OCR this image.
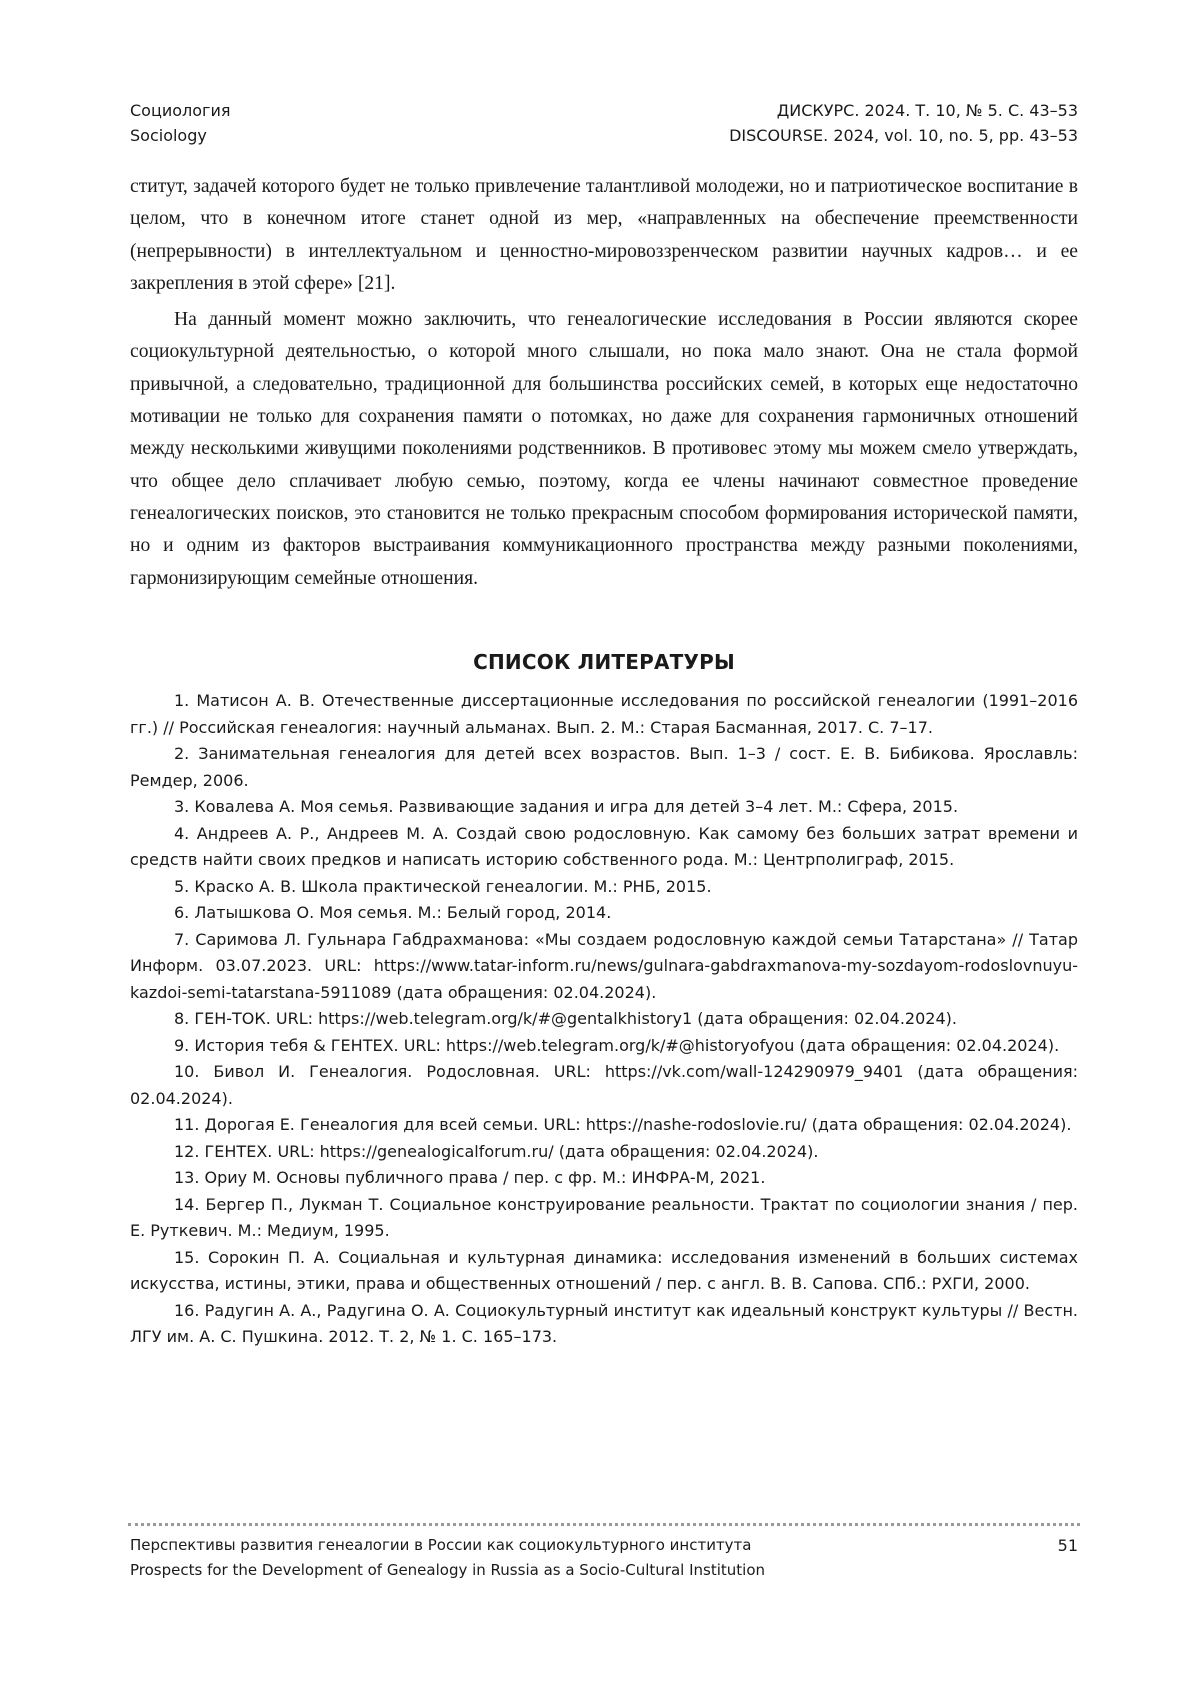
Социология
Sociology
ДИСКУРС. 2024. Т. 10, № 5. С. 43–53
DISCOURSE. 2024, vol. 10, no. 5, pp. 43–53

ститут, задачей которого будет не только привлечение талантливой молодежи, но и патриотическое воспитание в целом, что в конечном итоге станет одной из мер, «направленных на обеспечение преемственности (непрерывности) в интеллектуальном и ценностно-мировоззренческом развитии научных кадров… и ее закрепления в этой сфере» [21].

На данный момент можно заключить, что генеалогические исследования в России являются скорее социокультурной деятельностью, о которой много слышали, но пока мало знают. Она не стала формой привычной, а следовательно, традиционной для большинства российских семей, в которых еще недостаточно мотивации не только для сохранения памяти о потомках, но даже для сохранения гармоничных отношений между несколькими живущими поколениями родственников. В противовес этому мы можем смело утверждать, что общее дело сплачивает любую семью, поэтому, когда ее члены начинают совместное проведение генеалогических поисков, это становится не только прекрасным способом формирования исторической памяти, но и одним из факторов выстраивания коммуникационного пространства между разными поколениями, гармонизирующим семейные отношения.

СПИСОК ЛИТЕРАТУРЫ
1. Матисон А. В. Отечественные диссертационные исследования по российской генеалогии (1991–2016 гг.) // Российская генеалогия: научный альманах. Вып. 2. М.: Старая Басманная, 2017. С. 7–17.
2. Занимательная генеалогия для детей всех возрастов. Вып. 1–3 / сост. Е. В. Бибикова. Ярославль: Ремдер, 2006.
3. Ковалева А. Моя семья. Развивающие задания и игра для детей 3–4 лет. М.: Сфера, 2015.
4. Андреев А. Р., Андреев М. А. Создай свою родословную. Как самому без больших затрат времени и средств найти своих предков и написать историю собственного рода. М.: Центрполиграф, 2015.
5. Краско А. В. Школа практической генеалогии. М.: РНБ, 2015.
6. Латышкова О. Моя семья. М.: Белый город, 2014.
7. Саримова Л. Гульнара Габдрахманова: «Мы создаем родословную каждой семьи Татарстана» // Татар Информ. 03.07.2023. URL: https://www.tatar-inform.ru/news/gulnara-gabdraxmanova-my-sozdayom-rodoslovnuyu-kazdoi-semi-tatarstana-5911089 (дата обращения: 02.04.2024).
8. ГЕН-ТОК. URL: https://web.telegram.org/k/#@gentalkhistory1 (дата обращения: 02.04.2024).
9. История тебя & ГЕНТЕХ. URL: https://web.telegram.org/k/#@historyofyou (дата обращения: 02.04.2024).
10. Бивол И. Генеалогия. Родословная. URL: https://vk.com/wall-124290979_9401 (дата обращения: 02.04.2024).
11. Дорогая Е. Генеалогия для всей семьи. URL: https://nashe-rodoslovie.ru/ (дата обращения: 02.04.2024).
12. ГЕНТЕХ. URL: https://genealogicalforum.ru/ (дата обращения: 02.04.2024).
13. Ориу М. Основы публичного права / пер. с фр. М.: ИНФРА-М, 2021.
14. Бергер П., Лукман Т. Социальное конструирование реальности. Трактат по социологии знания / пер. Е. Руткевич. М.: Медиум, 1995.
15. Сорокин П. А. Социальная и культурная динамика: исследования изменений в больших системах искусства, истины, этики, права и общественных отношений / пер. с англ. В. В. Сапова. СПб.: РХГИ, 2000.
16. Радугин А. А., Радугина О. А. Социокультурный институт как идеальный конструкт культуры // Вестн. ЛГУ им. А. С. Пушкина. 2012. Т. 2, № 1. С. 165–173.
Перспективы развития генеалогии в России как социокультурного института
Prospects for the Development of Genealogy in Russia as a Socio-Cultural Institution
51
